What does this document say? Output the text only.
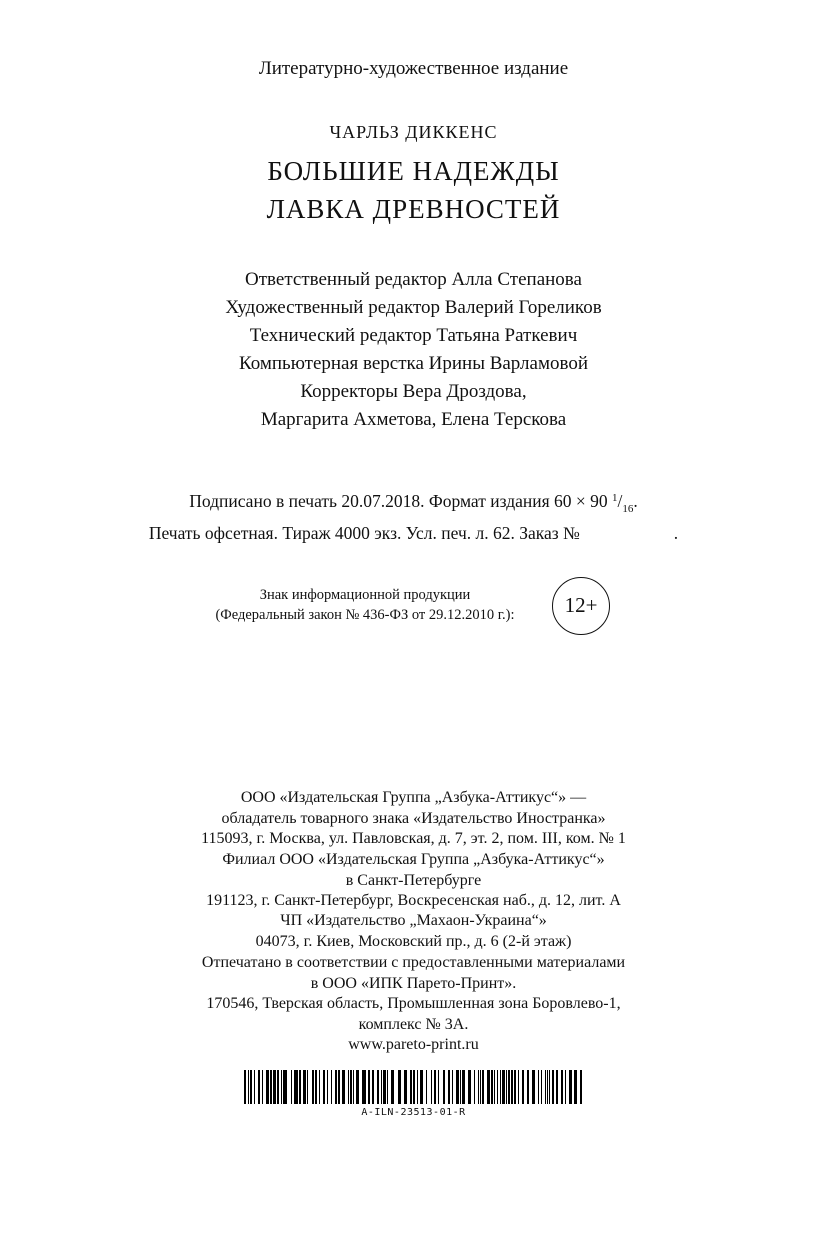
Литературно-художественное издание
ЧАРЛЬЗ ДИККЕНС
БОЛЬШИЕ НАДЕЖДЫ
ЛАВКА ДРЕВНОСТЕЙ
Ответственный редактор Алла Степанова
Художественный редактор Валерий Гореликов
Технический редактор Татьяна Раткевич
Компьютерная верстка Ирины Варламовой
Корректоры Вера Дроздова,
Маргарита Ахметова, Елена Терскова
Подписано в печать 20.07.2018. Формат издания 60 × 90 $^1/_{16}$.
Печать офсетная. Тираж 4000 экз. Усл. печ. л. 62. Заказ №	.
Знак информационной продукции
(Федеральный закон № 436-ФЗ от 29.12.2010 г.):	12+
ООО «Издательская Группа „Азбука-Аттикус“» —
обладатель товарного знака «Издательство Иностранка»
115093, г. Москва, ул. Павловская, д. 7, эт. 2, пом. III, ком. № 1
Филиал ООО «Издательская Группа „Азбука-Аттикус“»
в Санкт-Петербурге
191123, г. Санкт-Петербург, Воскресенская наб., д. 12, лит. А
ЧП «Издательство „Махаон-Украина“»
04073, г. Киев, Московский пр., д. 6 (2-й этаж)
Отпечатано в соответствии с предоставленными материалами
в ООО «ИПК Парето-Принт».
170546, Тверская область, Промышленная зона Боровлево-1,
комплекс № 3А.
www.pareto-print.ru
A-ILN-23513-01-R
